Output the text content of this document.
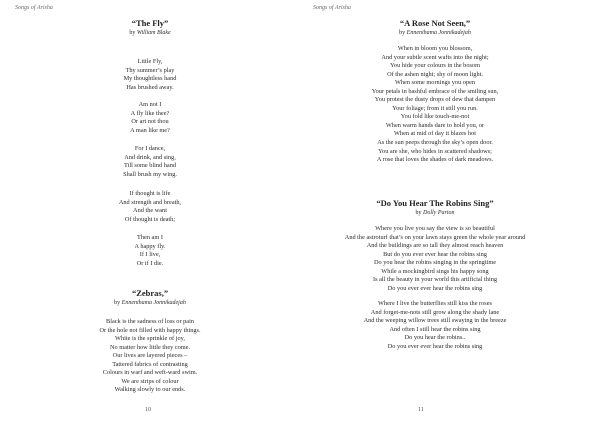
Songs of Arisha
“The Fly”
by William Blake
Little Fly,
Thy summer’s play
My thoughtless hand
Has brushed away.
Am not I
A fly like thee?
Or art not thou
A man like me?
For I dance,
And drink, and sing,
Till some blind hand
Shall brush my wing.
If thought is life
And strength and breath,
And the want
Of thought is death;
Then am I
A happy fly.
If I live,
Or if I die.
“Zebras,”
by Ennenihama Jonnikadejah
Black is the sadness of loss or pain
Or the hole not filled with happy things.
White is the sprinkle of joy,
No matter how little they come.
Our lives are layered pieces –
Tattered fabrics of contrasting
Colours in warf and weft-ward swim.
We are strips of colour
Walking slowly to our ends.
10
Songs of Arisha
“A Rose Not Seen,”
by Ennenihama Jonnikadejah
When in bloom you blossom,
And your subtle scent wafts into the night;
You hide your colours in the bosom
Of the ashen night; shy of moon light.
When some mornings you open
Your petals in bashful embrace of the smiling sun,
You protest the dusty drops of dew that dampen
Your foliage; from it still you run.
You fold like touch-me-not
When warm hands dare to hold you, or
When at mid of day it blazes hot
As the sun peeps through the sky’s open door.
You are she, who hides in scattered shadows;
A rose that loves the shades of dark meadows.
“Do You Hear The Robins Sing”
by Dolly Parton
Where you live you say the view is so beautiful
And the astroturf that’s on your lawn stays green the whole year around
And the buildings are so tall they almost reach heaven
But do you ever ever hear the robins sing
Do you hear the robins singing in the springtime
While a mockingbird sings his happy song
Is all the beauty in your world this artificial thing
Do you ever ever hear the robins sing
Where I live the butterflies still kiss the roses
And forget-me-nots still grow along the shady lane
And the weeping willow trees still swaying in the breeze
And often I still hear the robins sing
Do you hear the robins..
Do you ever ever hear the robins sing
11
